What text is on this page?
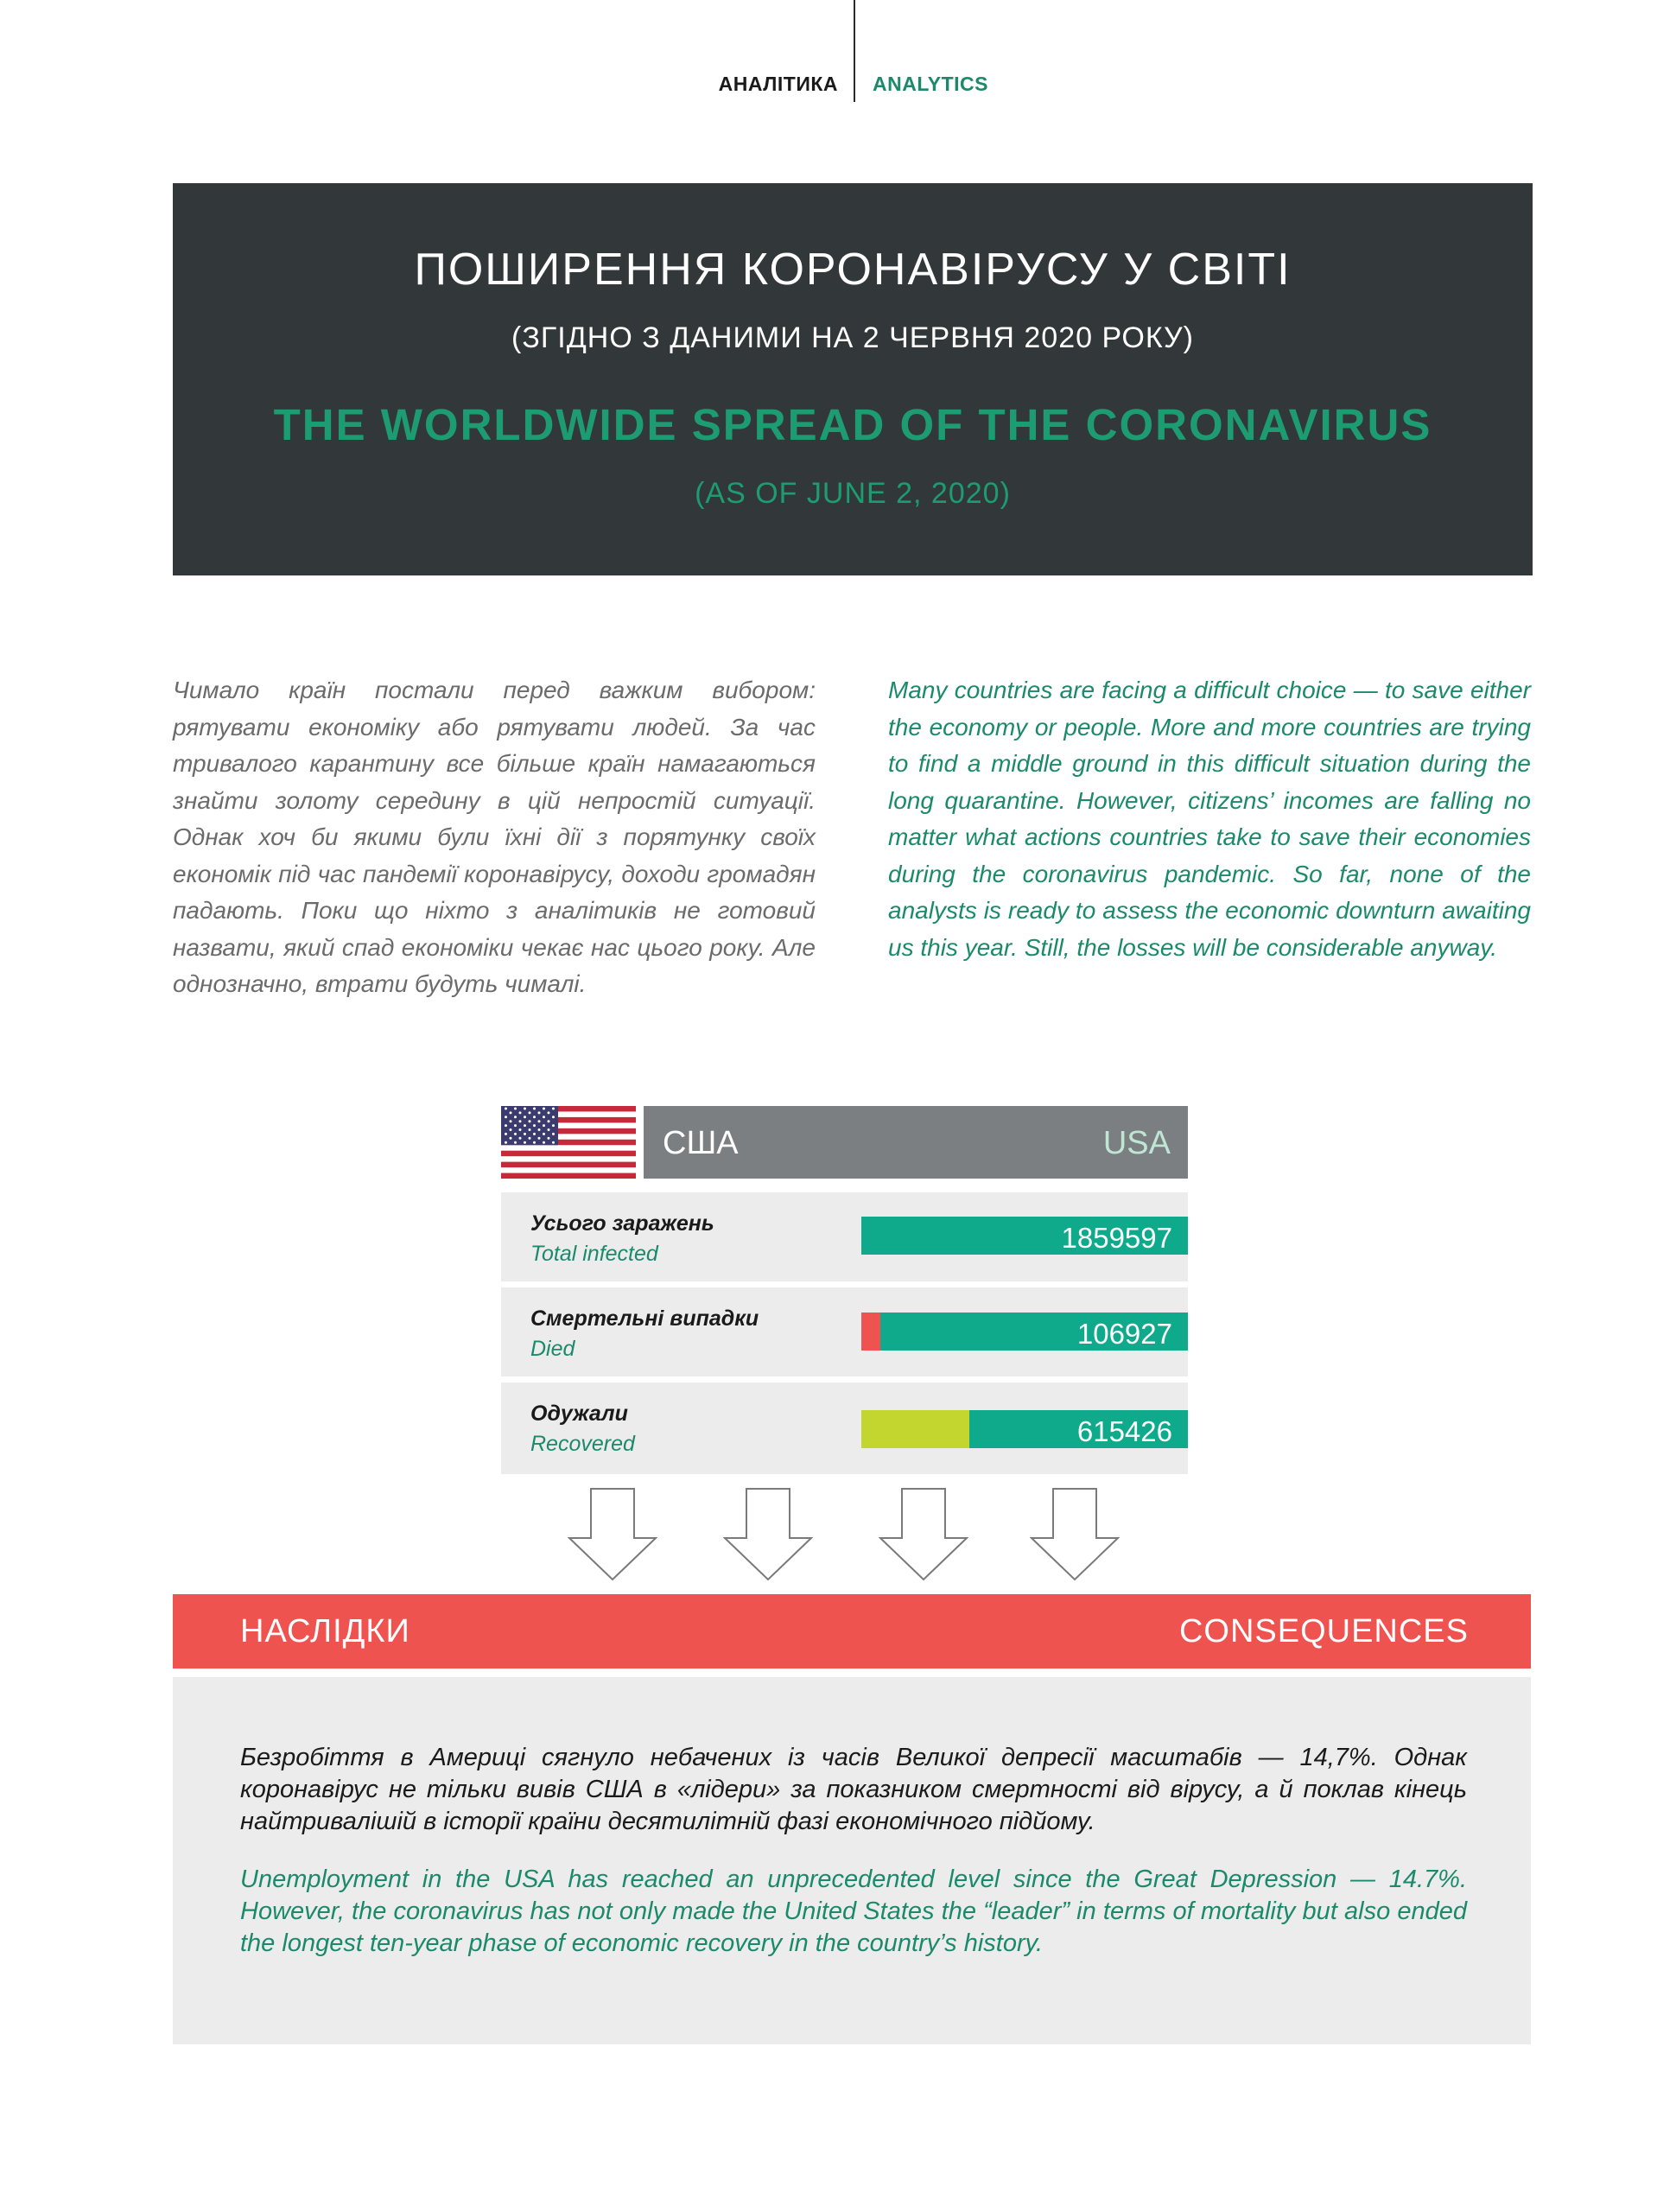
АНАЛІТИКА ANALYTICS
ПОШИРЕННЯ КОРОНАВІРУСУ У СВІТІ
(ЗГІДНО З ДАНИМИ НА 2 ЧЕРВНЯ 2020 РОКУ)
THE WORLDWIDE SPREAD OF THE CORONAVIRUS
(AS OF JUNE 2, 2020)

Чимало країн постали перед важким вибором: рятувати економіку або рятувати людей. За час тривалого карантину все більше країн намагаються знайти золоту середину в цій непростій ситуації. Однак хоч би якими були їхні дії з порятунку своїх економік під час пандемії коронавірусу, доходи громадян падають. Поки що ніхто з аналітиків не готовий назвати, який спад економіки чекає нас цього року. Але однозначно, втрати будуть чималі.

Many countries are facing a difficult choice — to save either the economy or people. More and more countries are trying to find a middle ground in this difficult situation during the long quarantine. However, citizens’ incomes are falling no matter what actions countries take to save their economies during the coronavirus pandemic. So far, none of the analysts is ready to assess the economic downturn awaiting us this year. Still, the losses will be considerable anyway.

США	USA
Усього заражень
Total infected	1859597
Смертельні випадки
Died	106927
Одужали
Recovered	615426
НАСЛІДКИ	CONSEQUENCES

Безробіття в Америці сягнуло небачених із часів Великої депресії масштабів — 14,7%. Однак коронавірус не тільки вивів США в «лідери» за показником смертності від вірусу, а й поклав кінець найтривалішій в історії країни десятилітній фазі економічного підйому.

Unemployment in the USA has reached an unprecedented level since the Great Depression — 14.7%. However, the coronavirus has not only made the United States the “leader” in terms of mortality but also ended the longest ten-year phase of economic recovery in the country’s history.
